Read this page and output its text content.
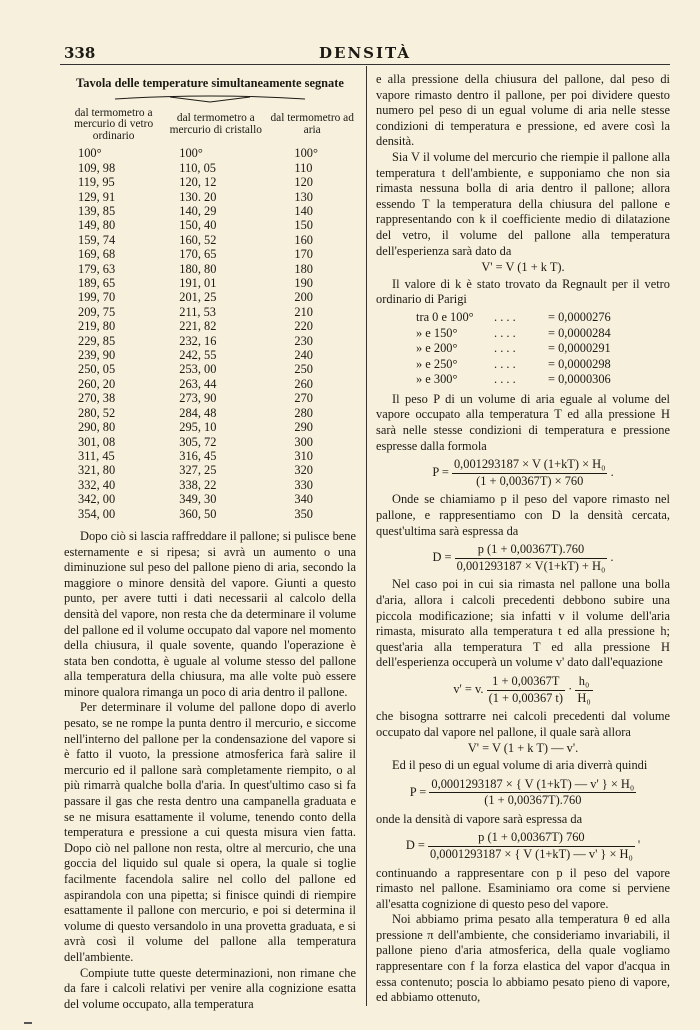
338	DENSITÀ
Tavola delle temperature simultaneamente segnate
dal termometro a mercurio di vetro ordinario	dal termometro a mercurio di cristallo	dal termometro ad aria
100°	100°	100°
109, 98	110, 05	110
119, 95	120, 12	120
129, 91	130. 20	130
139, 85	140, 29	140
149, 80	150, 40	150
159, 74	160, 52	160
169, 68	170, 65	170
179, 63	180, 80	180
189, 65	191, 01	190
199, 70	201, 25	200
209, 75	211, 53	210
219, 80	221, 82	220
229, 85	232, 16	230
239, 90	242, 55	240
250, 05	253, 00	250
260, 20	263, 44	260
270, 38	273, 90	270
280, 52	284, 48	280
290, 80	295, 10	290
301, 08	305, 72	300
311, 45	316, 45	310
321, 80	327, 25	320
332, 40	338, 22	330
342, 00	349, 30	340
354, 00	360, 50	350

Dopo ciò si lascia raffreddare il pallone; si pulisce bene esternamente e si ripesa; si avrà un aumento o una diminuzione sul peso del pallone pieno di aria, secondo la maggiore o minore densità del vapore. Giunti a questo punto, per avere tutti i dati necessarii al calcolo della densità del vapore, non resta che da determinare il volume del pallone ed il volume occupato dal vapore nel momento della chiusura, il quale sovente, quando l'operazione è stata ben condotta, è uguale al volume stesso del pallone alla temperatura della chiusura, ma alle volte può essere minore qualora rimanga un poco di aria dentro il pallone.

Per determinare il volume del pallone dopo di averlo pesato, se ne rompe la punta dentro il mercurio, e siccome nell'interno del pallone per la condensazione del vapore si è fatto il vuoto, la pressione atmosferica farà salire il mercurio ed il pallone sarà completamente riempito, o al più rimarrà qualche bolla d'aria. In quest'ultimo caso si fa passare il gas che resta dentro una campanella graduata e se ne misura esattamente il volume, tenendo conto della temperatura e pressione a cui questa misura vien fatta. Dopo ciò nel pallone non resta, oltre al mercurio, che una goccia del liquido sul quale si opera, la quale si toglie facilmente facendola salire nel collo del pallone ed aspirandola con una pipetta; si finisce quindi di riempire esattamente il pallone con mercurio, e poi si determina il volume di questo versandolo in una provetta graduata, e si avrà così il volume del pallone alla temperatura dell'ambiente.

Compiute tutte queste determinazioni, non rimane che da fare i calcoli relativi per venire alla cognizione esatta del volume occupato, alla temperatura

e alla pressione della chiusura del pallone, dal peso di vapore rimasto dentro il pallone, per poi dividere questo numero pel peso di un egual volume di aria nelle stesse condizioni di temperatura e pressione, ed avere così la densità.

Sia V il volume del mercurio che riempie il pallone alla temperatura t dell'ambiente, e supponiamo che non sia rimasta nessuna bolla di aria dentro il pallone; allora essendo T la temperatura della chiusura del pallone e rappresentando con k il coefficiente medio di dilatazione del vetro, il volume del pallone alla temperatura dell'esperienza sarà dato da

V' = V (1 + k T).

Il valore di k è stato trovato da Regnault per il vetro ordinario di Parigi

tra 0 e 100° . . . .	= 0,0000276
» e 150°	. . . .	= 0,0000284
» e 200°	. . . .	= 0,0000291
» e 250°	. . . .	= 0,0000298
» e 300°	. . . .	= 0,0000306

Il peso P di un volume di aria eguale al volume del vapore occupato alla temperatura T ed alla pressione H sarà nelle stesse condizioni di temperatura e pressione espresse dalla formola

$P = \frac{\text{0,001293187 × V (1+kT) × H₀}}{(1 + 0,00367T) \times 760}$ .

Onde se chiamiamo p il peso del vapore rimasto nel pallone, e rappresentiamo con D la densità cercata, quest'ultima sarà espressa da

$D = \frac{p (1 + 0,00367T).760}{\text{0,001293187 × V(1+kT) + H₀}}$ .

Nel caso poi in cui sia rimasta nel pallone una bolla d'aria, allora i calcoli precedenti debbono subire una piccola modificazione; sia infatti v il volume dell'aria rimasta, misurato alla temperatura t ed alla pressione h; quest'aria alla temperatura T ed alla pressione H dell'esperienza occuperà un volume v' dato dall'equazione

v' = v. $\frac{1 + 0,00367T}{(1 + 0,00367 t)} \cdot \frac{\text{h₀}}{\text{H₀}}$

che bisogna sottrarre nei calcoli precedenti dal volume occupato dal vapore nel pallone, il quale sarà allora

V' = V (1 + k T) — v'.

Ed il peso di un egual volume di aria diverrà quindi

$P = \frac{\text{0,0001293187 × \{ V (1+kT) — v' \} × H₀}}{(1 + 0,00367T).760}$

onde la densità di vapore sarà espressa da

$D = \frac{p (1 + 0,00367T) 760}{\text{0,0001293187 × \{ V (1+kT) — v' \} × H₀}}$ '

continuando a rappresentare con p il peso del vapore rimasto nel pallone. Esaminiamo ora come si perviene all'esatta cognizione di questo peso del vapore.

Noi abbiamo prima pesato alla temperatura θ ed alla pressione π dell'ambiente, che consideriamo invariabili, il pallone pieno d'aria atmosferica, della quale vogliamo rappresentare con f la forza elastica del vapor d'acqua in essa contenuto; poscia lo abbiamo pesato pieno di vapore, ed abbiamo ottenuto,
